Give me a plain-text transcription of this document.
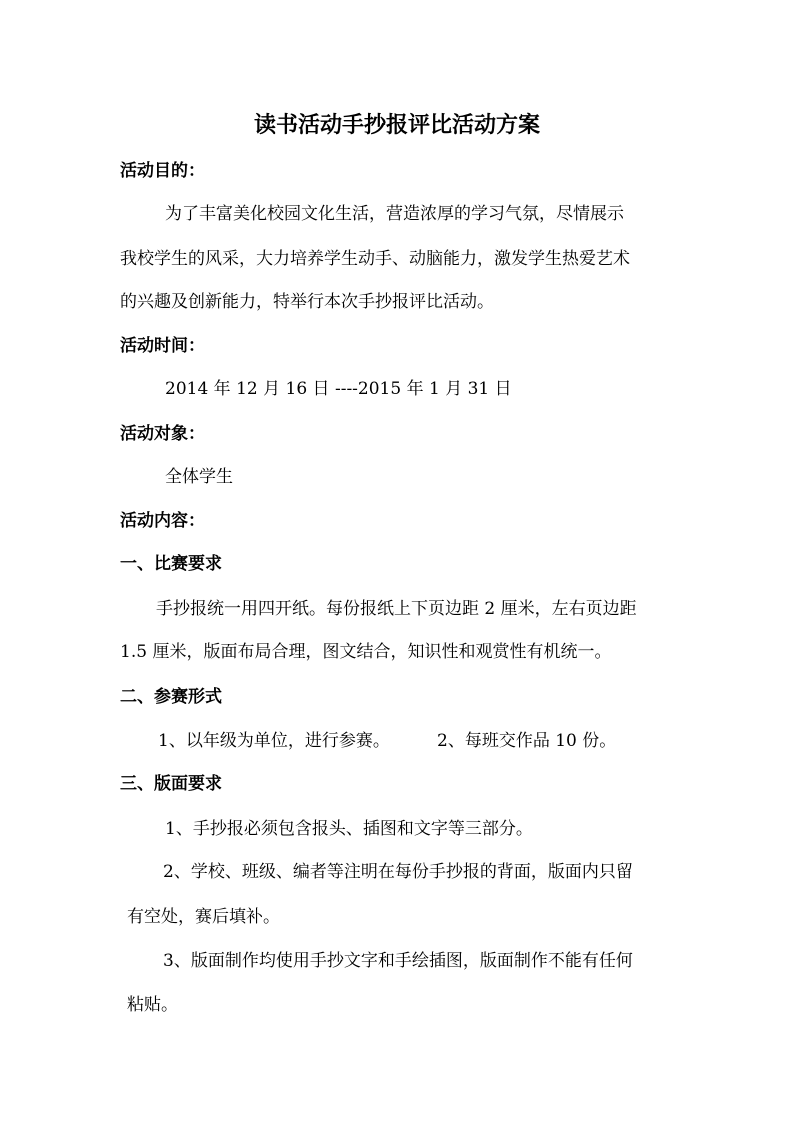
读书活动手抄报评比活动方案
活动目的：
为了丰富美化校园文化生活，营造浓厚的学习气氛，尽情展示
我校学生的风采，大力培养学生动手、动脑能力，激发学生热爱艺术
的兴趣及创新能力，特举行本次手抄报评比活动。
活动时间：
2014 年 12 月 16 日 ----2015 年 1 月 31 日
活动对象：
全体学生
活动内容：
一、比赛要求
手抄报统一用四开纸。每份报纸上下页边距 2 厘米，左右页边距
1.5 厘米，版面布局合理，图文结合，知识性和观赏性有机统一。
二、参赛形式
1、以年级为单位，进行参赛。	2、每班交作品 10 份。
三、版面要求
1、手抄报必须包含报头、插图和文字等三部分。
2、学校、班级、编者等注明在每份手抄报的背面，版面内只留
有空处，赛后填补。
3、版面制作均使用手抄文字和手绘插图，版面制作不能有任何
粘贴。
